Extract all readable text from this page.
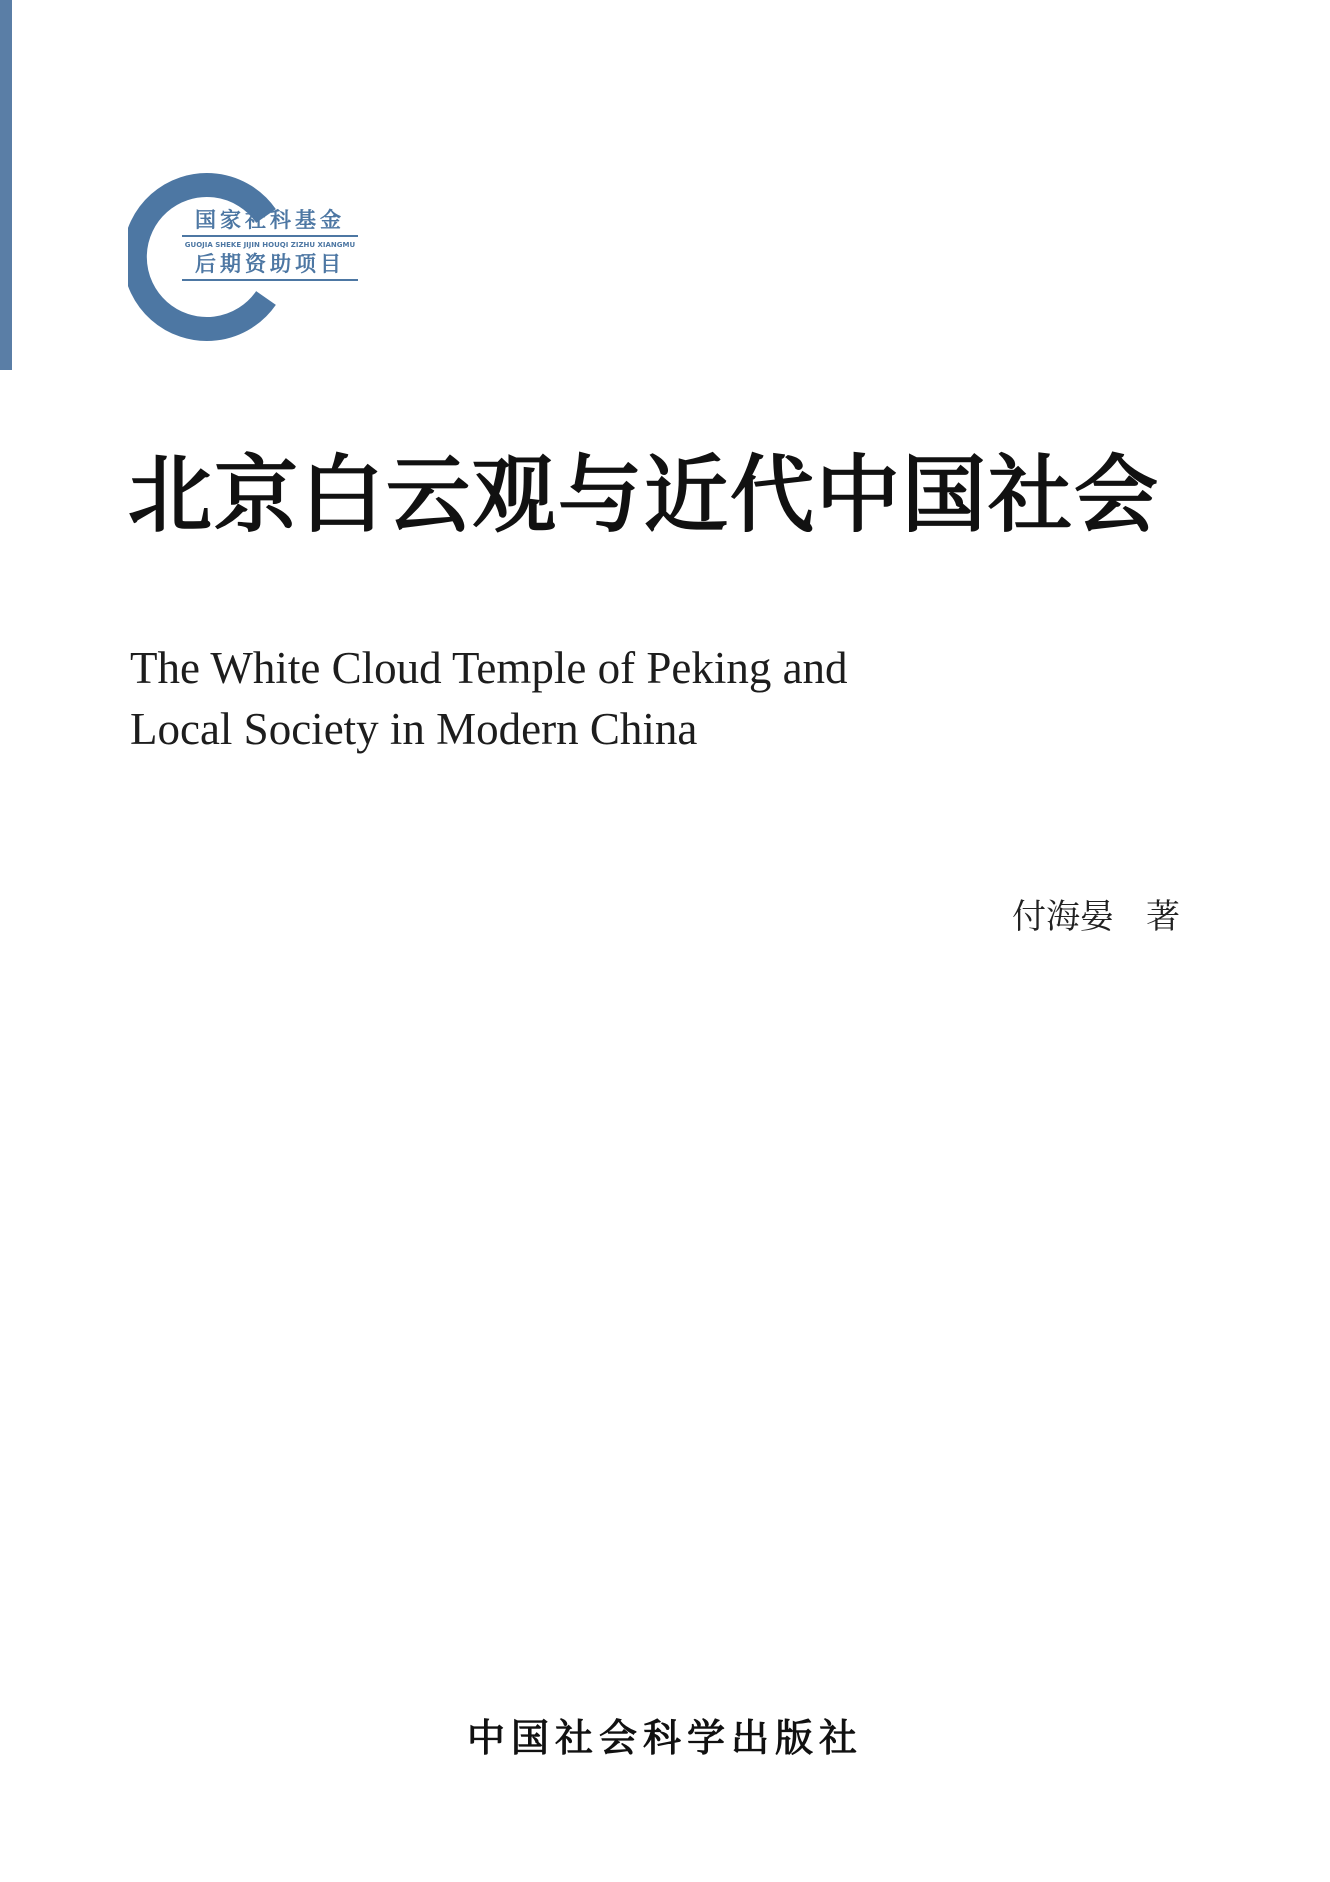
国家社科基金
GUOJIA SHEKE JIJIN HOUQI ZIZHU XIANGMU
后期资助项目
北京白云观与近代中国社会
The White Cloud Temple of Peking and
Local Society in Modern China
付海晏 著
中国社会科学出版社
